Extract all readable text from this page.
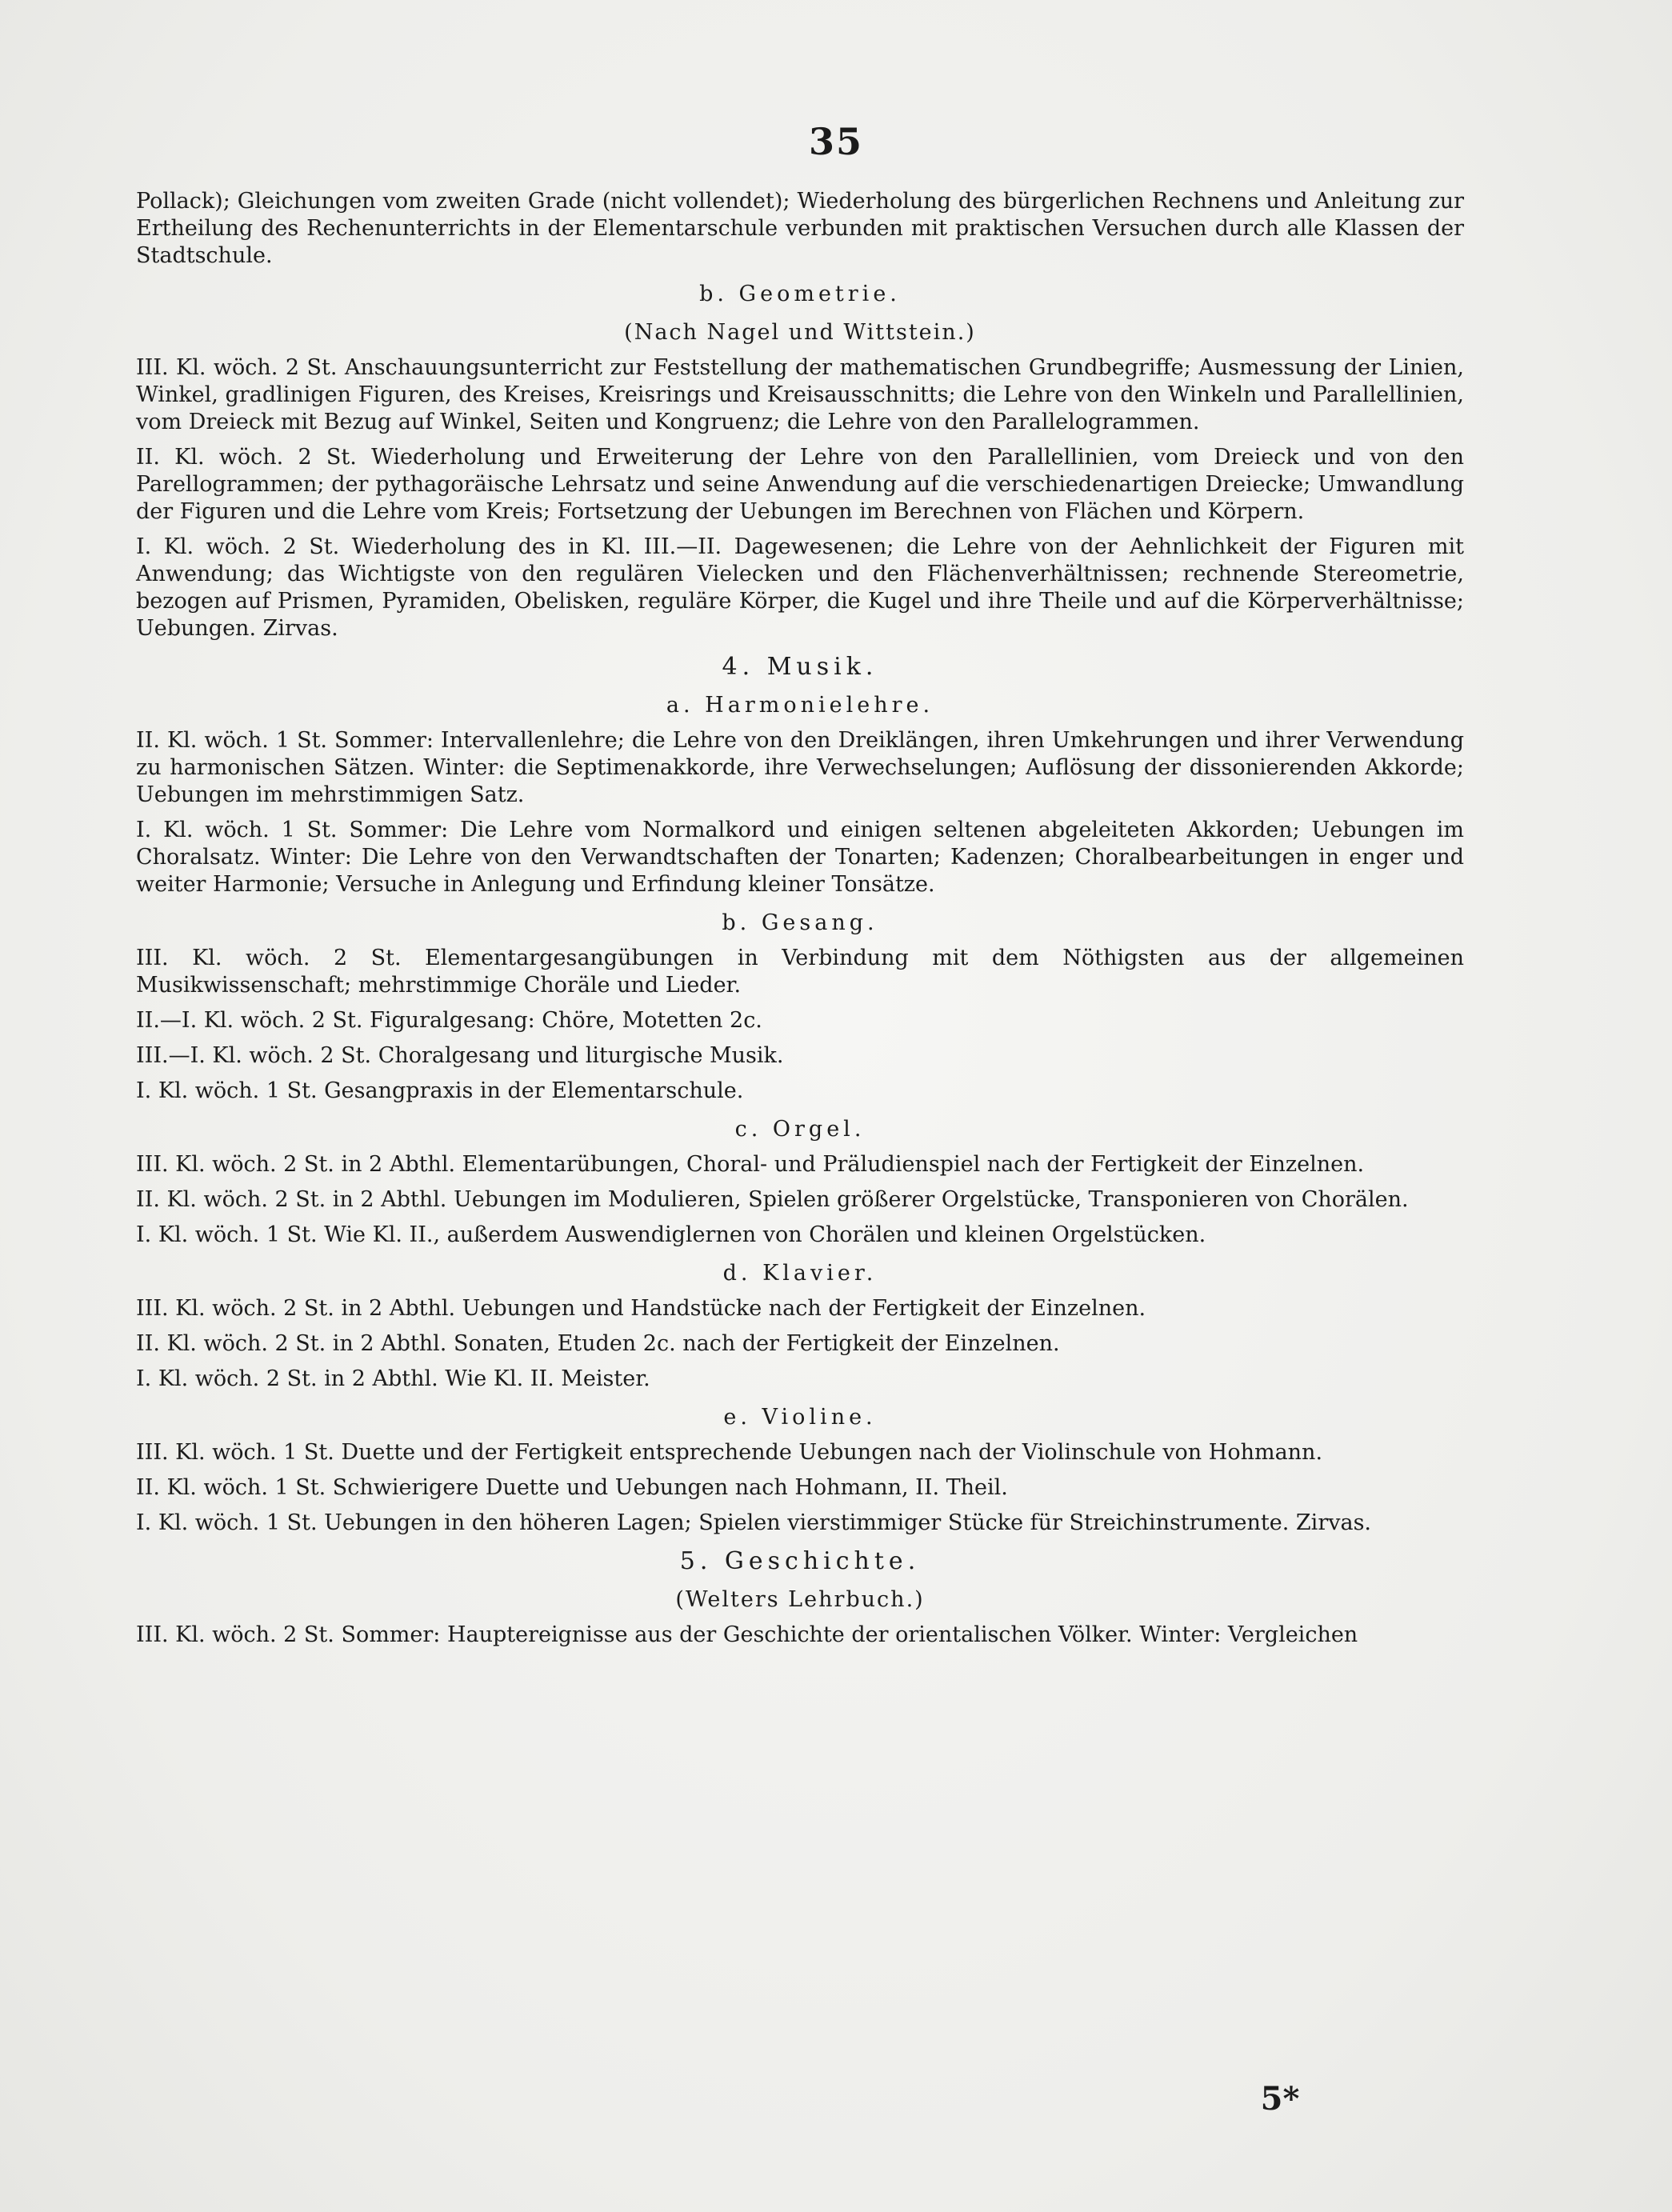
35
Pollack); Gleichungen vom zweiten Grade (nicht vollendet); Wiederholung des bürgerlichen Rechnens und Anleitung zur Ertheilung des Rechenunterrichts in der Elementarschule verbunden mit praktischen Versuchen durch alle Klassen der Stadtschule.
b. Geometrie.
(Nach Nagel und Wittstein.)
III. Kl. wöch. 2 St. Anschauungsunterricht zur Feststellung der mathematischen Grundbegriffe; Ausmessung der Linien, Winkel, gradlinigen Figuren, des Kreises, Kreisrings und Kreisausschnitts; die Lehre von den Winkeln und Parallellinien, vom Dreieck mit Bezug auf Winkel, Seiten und Kongruenz; die Lehre von den Parallelogrammen.
II. Kl. wöch. 2 St. Wiederholung und Erweiterung der Lehre von den Parallellinien, vom Dreieck und von den Parellogrammen; der pythagoräische Lehrsatz und seine Anwendung auf die verschiedenartigen Dreiecke; Umwandlung der Figuren und die Lehre vom Kreis; Fortsetzung der Uebungen im Berechnen von Flächen und Körpern.
I. Kl. wöch. 2 St. Wiederholung des in Kl. III.—II. Dagewesenen; die Lehre von der Aehnlichkeit der Figuren mit Anwendung; das Wichtigste von den regulären Vielecken und den Flächenverhältnissen; rechnende Stereometrie, bezogen auf Prismen, Pyramiden, Obelisken, reguläre Körper, die Kugel und ihre Theile und auf die Körperverhältnisse; Uebungen. Zirvas.
4. Musik.
a. Harmonielehre.
II. Kl. wöch. 1 St. Sommer: Intervallenlehre; die Lehre von den Dreiklängen, ihren Umkehrungen und ihrer Verwendung zu harmonischen Sätzen. Winter: die Septimenakkorde, ihre Verwechselungen; Auflösung der dissonierenden Akkorde; Uebungen im mehrstimmigen Satz.
I. Kl. wöch. 1 St. Sommer: Die Lehre vom Normalkord und einigen seltenen abgeleiteten Akkorden; Uebungen im Choralsatz. Winter: Die Lehre von den Verwandtschaften der Tonarten; Kadenzen; Choralbearbeitungen in enger und weiter Harmonie; Versuche in Anlegung und Erfindung kleiner Tonsätze.
b. Gesang.
III. Kl. wöch. 2 St. Elementargesangübungen in Verbindung mit dem Nöthigsten aus der allgemeinen Musikwissenschaft; mehrstimmige Choräle und Lieder.
II.—I. Kl. wöch. 2 St. Figuralgesang: Chöre, Motetten 2c.
III.—I. Kl. wöch. 2 St. Choralgesang und liturgische Musik.
I. Kl. wöch. 1 St. Gesangpraxis in der Elementarschule.
c. Orgel.
III. Kl. wöch. 2 St. in 2 Abthl. Elementarübungen, Choral- und Präludienspiel nach der Fertigkeit der Einzelnen.
II. Kl. wöch. 2 St. in 2 Abthl. Uebungen im Modulieren, Spielen größerer Orgelstücke, Transponieren von Chorälen.
I. Kl. wöch. 1 St. Wie Kl. II., außerdem Auswendiglernen von Chorälen und kleinen Orgelstücken.
d. Klavier.
III. Kl. wöch. 2 St. in 2 Abthl. Uebungen und Handstücke nach der Fertigkeit der Einzelnen.
II. Kl. wöch. 2 St. in 2 Abthl. Sonaten, Etuden 2c. nach der Fertigkeit der Einzelnen.
I. Kl. wöch. 2 St. in 2 Abthl. Wie Kl. II. Meister.
e. Violine.
III. Kl. wöch. 1 St. Duette und der Fertigkeit entsprechende Uebungen nach der Violinschule von Hohmann.
II. Kl. wöch. 1 St. Schwierigere Duette und Uebungen nach Hohmann, II. Theil.
I. Kl. wöch. 1 St. Uebungen in den höheren Lagen; Spielen vierstimmiger Stücke für Streichinstrumente. Zirvas.
5. Geschichte.
(Welters Lehrbuch.)
III. Kl. wöch. 2 St. Sommer: Hauptereignisse aus der Geschichte der orientalischen Völker. Winter: Vergleichen
5*
